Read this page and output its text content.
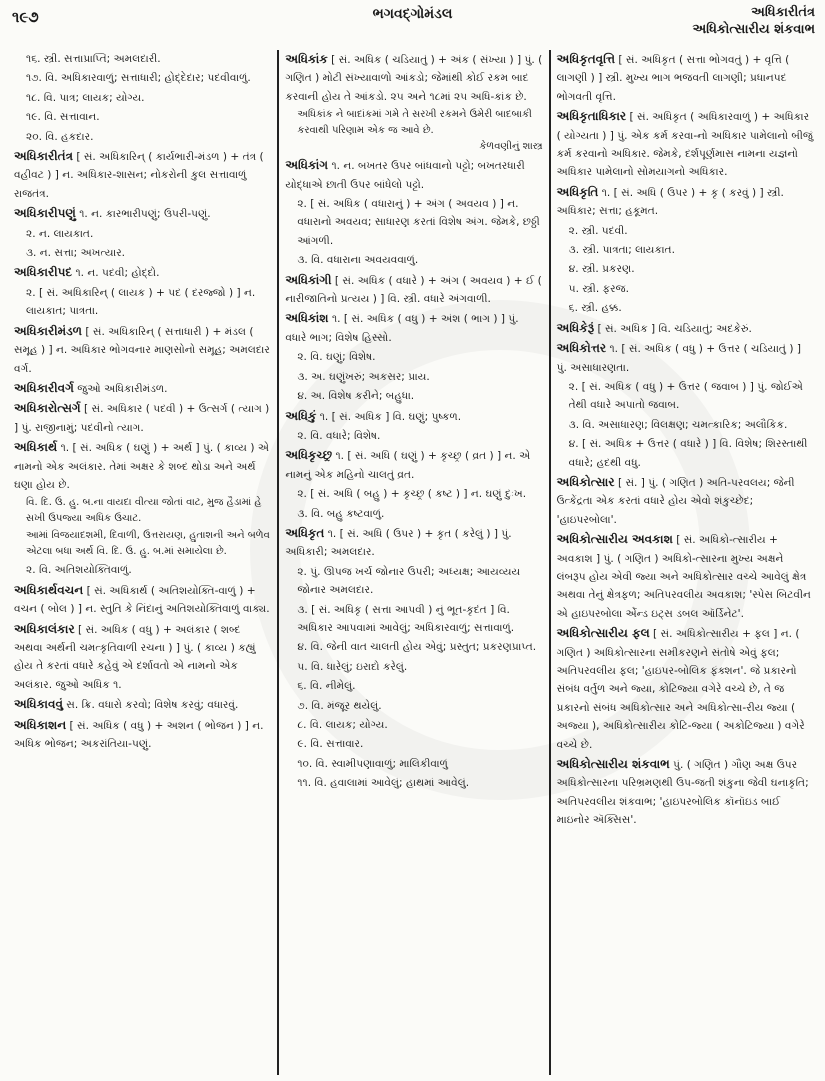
૧૯૭	ભગવદ્ગોમંડલ	અધિકારીતંત્ર
અધિકોત્સારીય શંકવાભ
૧૬. સ્ત્રી. સત્તાપ્રાપ્તિ; અમલદારી.
૧૭. વિ. અધિકારવાળું; સત્તાધારી; હોદ્દેદાર; પદવીવાળું.
૧૮. વિ. પાત્ર; લાયક; યોગ્ય.
૧૯. વિ. સત્તાવાન.
૨૦. વિ. હકદાર.
અધિકારીતંત્ર [ સં. અધિકારિન્ ( કાર્યભારી-મંડળ ) + તંત્ર ( વહીવટ ) ] ન. અધિકાર-શાસન; નોકરોની કુલ સત્તાવાળું રાજતંત્ર.
અધિકારીપણું ૧. ન. કારભારીપણું; ઉપરી-પણું.
૨. ન. લાયકાત.
૩. ન. સત્તા; અખત્યાર.
અધિકારીપદ ૧. ન. પદવી; હોદ્દો.
૨. [ સં. અધિકારિન્ ( લાયક ) + પદ ( દરજ્જો ) ] ન. લાયકાત; પાત્રતા.
અધિકારીમંડળ [ સં. અધિકારિન્ ( સત્તાધારી ) + મંડલ ( સમૂહ ) ] ન. અધિકાર ભોગવનાર માણસોનો સમૂહ; અમલદાર વર્ગ.
અધિકારીવર્ગ જુઓ અધિકારીમંડળ.
અધિકારોત્સર્ગ [ સં. અધિકાર ( પદવી ) + ઉત્સર્ગ ( ત્યાગ ) ] પું. રાજીનામું; પદવીનો ત્યાગ.
અધિકાર્થ ૧. [ સં. અધિક ( ઘણું ) + અર્થ ] પું. ( કાવ્ય ) એ નામનો એક અલંકાર. તેમાં અક્ષર કે શબ્દ થોડા અને અર્થ ઘણા હોય છે.
વિ. દિ. ઉ. હુ. બ.ના વાયદા વીત્યા જોતાં વાટ, મુજ હૈડામાં હે સખી ઉપજ્યા અધિક ઉચાટ.
આમાં વિજયાદશમી, દિવાળી, ઉત્તરાયણ, હુતાશની અને બળેવ એટલા બધા અર્થ વિ. દિ. ઉ. હુ. બ.માં સમાયેલા છે.
૨. વિ. અતિશયોક્તિવાળું.
અધિકાર્થવચન [ સં. અધિકાર્થ ( અતિશયોક્તિ-વાળું ) + વચન ( બોલ ) ] ન. સ્તુતિ કે નિંદાનું અતિશયોક્તિવાળું વાક્ય.
અધિકાલંકાર [ સં. અધિક ( વધુ ) + અલંકાર ( શબ્દ અથવા અર્થની ચમત્કૃતિવાળી રચના ) ] પું. ( કાવ્ય ) કહ્યું હોય તે કરતાં વધારે કહેવું એ દર્શાવતો એ નામનો એક અલંકાર. જુઓ અધિક ૧.
અધિકાવવું સ. ક્રિ. વધારો કરવો; વિશેષ કરવું; વધારવું.
અધિકાશન [ સં. અધિક ( વધુ ) + અશન ( ભોજન ) ] ન. અધિક ભોજન; અકરાંતિયા-પણું.
અધિકાંક [ સં. અધિક ( ચડિયાતું ) + અંક ( સંખ્યા ) ] પું. ( ગણિત ) મોટી સંખ્યાવાળો આંકડો; જેમાંથી કોઈ રકમ બાદ કરવાની હોય તે આંકડો. ૨૫ અને ૧૮માં ૨૫ અધિ-કાંક છે.
અધિકાંક ને બાદાંકમાં ગમે તે સરખી રકમને ઉમેરી બાદબાકી કરવાથી પરિણામ એક જ આવે છે.
કેળવણીનું શાસ્ત્ર
અધિકાંગ ૧. ન. બખતર ઉપર બાંધવાનો પટ્ટો; બખતરધારી યોદ્ધાએ છાતી ઉપર બાંધેલો પટ્ટો.
૨. [ સં. અધિક ( વધારાનું ) + અંગ ( અવયવ ) ] ન. વધારાનો અવયવ; સાધારણ કરતાં વિશેષ અંગ. જેમકે, છઠ્ઠી આંગળી.
૩. વિ. વધારાના અવયવવાળું.
અધિકાંગી [ સં. અધિક ( વધારે ) + અંગ ( અવયવ ) + ઈ ( નારીજાતિનો પ્રત્યય ) ] વિ. સ્ત્રી. વધારે અંગવાળી.
અધિકાંશ ૧. [ સં. અધિક ( વધુ ) + અંશ ( ભાગ ) ] પું. વધારે ભાગ; વિશેષ હિસ્સો.
૨. વિ. ઘણું; વિશેષ.
૩. અ. ઘણુંખરું; અકસર; પ્રાય.
૪. અ. વિશેષ કરીને; બહુધા.
અધિકું ૧. [ સં. અધિક ] વિ. ઘણું; પુષ્કળ.
૨. વિ. વધારે; વિશેષ.
અધિકૃચ્છ્ર ૧. [ સં. અધિ ( ઘણું ) + કૃચ્છ્ર ( વ્રત ) ] ન. એ નામનું એક મહિનો ચાલતું વ્રત.
૨. [ સં. અધિ ( બહુ ) + કૃચ્છ્ર ( કષ્ટ ) ] ન. ઘણું દુઃખ.
૩. વિ. બહુ કષ્ટવાળું.
અધિકૃત ૧. [ સં. અધિ ( ઉપર ) + કૃત ( કરેલું ) ] પું. અધિકારી; અમલદાર.
૨. પું. ઊપજ ખર્ચ જોનાર ઉપરી; અધ્યક્ષ; આયવ્યય જોનાર અમલદાર.
૩. [ સં. અધિકૃ ( સત્તા આપવી ) નું ભૂત-કૃદંત ] વિ. અધિકાર આપવામાં આવેલું; અધિકારવાળું; સત્તાવાળું.
૪. વિ. જેની વાત ચાલતી હોય એવું; પ્રસ્તુત; પ્રકરણપ્રાપ્ત.
૫. વિ. ધારેલું; ઇરાદો કરેલું.
૬. વિ. નીમેલું.
૭. વિ. મંજૂર થયેલું.
૮. વિ. લાયક; યોગ્ય.
૯. વિ. સત્તાવાર.
૧૦. વિ. સ્વામીપણાવાળું; માલિકીવાળું
૧૧. વિ. હવાલામાં આવેલું; હાથમાં આવેલું.
અધિકૃતવૃત્તિ [ સં. અધિકૃત ( સત્તા ભોગવતું ) + વૃત્તિ ( લાગણી ) ] સ્ત્રી. મુખ્ય ભાગ ભજવતી લાગણી; પ્રધાનપદ ભોગવતી વૃત્તિ.
અધિકૃતાધિકાર [ સં. અધિકૃત ( અધિકારવાળું ) + અધિકાર ( યોગ્યતા ) ] પું. એક કર્મ કરવા-નો અધિકાર પામેલાનો બીજું કર્મ કરવાનો અધિકાર. જેમકે, દર્શપૂર્ણમાસ નામના યજ્ઞનો અધિકાર પામેલાનો સોમયાગનો અધિકાર.
અધિકૃતિ ૧. [ સં. અધિ ( ઉપર ) + કૃ ( કરવું ) ] સ્ત્રી. અધિકાર; સત્તા; હકૂમત.
૨. સ્ત્રી. પદવી.
૩. સ્ત્રી. પાત્રતા; લાયકાત.
૪. સ્ત્રી. પ્રકરણ.
૫. સ્ત્રી. ફરજ.
૬. સ્ત્રી. હક્ક.
અધિકેરૂં [ સં. અધિક ] વિ. ચડિયાતું; અદકેરું.
અધિકોત્તર ૧. [ સં. અધિક ( વધુ ) + ઉત્તર ( ચડિયાતું ) ] પું. અસાધારણતા.
૨. [ સં. અધિક ( વધુ ) + ઉત્તર ( જવાબ ) ] પું. જોઈએ તેથી વધારે અપાતો જવાબ.
૩. વિ. અસાધારણ; વિલક્ષણ; ચમત્કારિક; અલૌકિક.
૪. [ સં. અધિક + ઉત્તર ( વધારે ) ] વિ. વિશેષ; શિરસ્તાથી વધારે; હદથી વધુ.
અધિકોત્સાર [ સં. ] પું. ( ગણિત ) અતિ-પરવલય; જેની ઉત્કેંદ્રતા એક કરતાં વધારે હોય એવો શંકુચ્છેદ; 'હાઇપરબોલા'.
અધિકોત્સારીય અવકાશ [ સં. અધિકો-ત્સારીય + અવકાશ ] પું. ( ગણિત ) અધિકો-ત્સારના મુખ્ય અક્ષને લંબરૂપ હોય એવી જ્યા અને અધિકોત્સાર વચ્ચે આવેલું ક્ષેત્ર અથવા તેનું ક્ષેત્રફળ; અતિપરવલીય અવકાશ; 'સ્પેસ બિટવીન એ હાઇપરબોલા એૅન્ડ ઇટ્સ ડબલ ઑર્ડિનેટ'.
અધિકોત્સારીય ફલ [ સં. અધિકોત્સારીય + ફલ ] ન. ( ગણિત ) અધિકોત્સારના સમીકરણને સંતોષે એવું ફલ; અતિપરવલીય ફલ; 'હાઇપર-બોલિક ફંક્શન'. જે પ્રકારનો સંબંધ વર્તુળ અને જ્યા, કોટિજ્યા વગેરે વચ્ચે છે, તે જ પ્રકારનો સંબંધ અધિકોત્સાર અને અધિકોત્સા-રીય જ્યા ( અજ્યા ), અધિકોત્સારીય કોટિ-જ્યા ( અકોટિજ્યા ) વગેરે વચ્ચે છે.
અધિકોત્સારીય શંકવાભ પું. ( ગણિત ) ગૌણ અક્ષ ઉપર અધિકોત્સારના પરિભ્રમણથી ઉપ-જતી શંકુના જેવી ઘનાકૃતિ; અતિપરવલીય શંકવાભ; 'હાઇપરબોલિક કૉનૉઇડ બાઈ માઇનોર ઍક્સિસ'.
